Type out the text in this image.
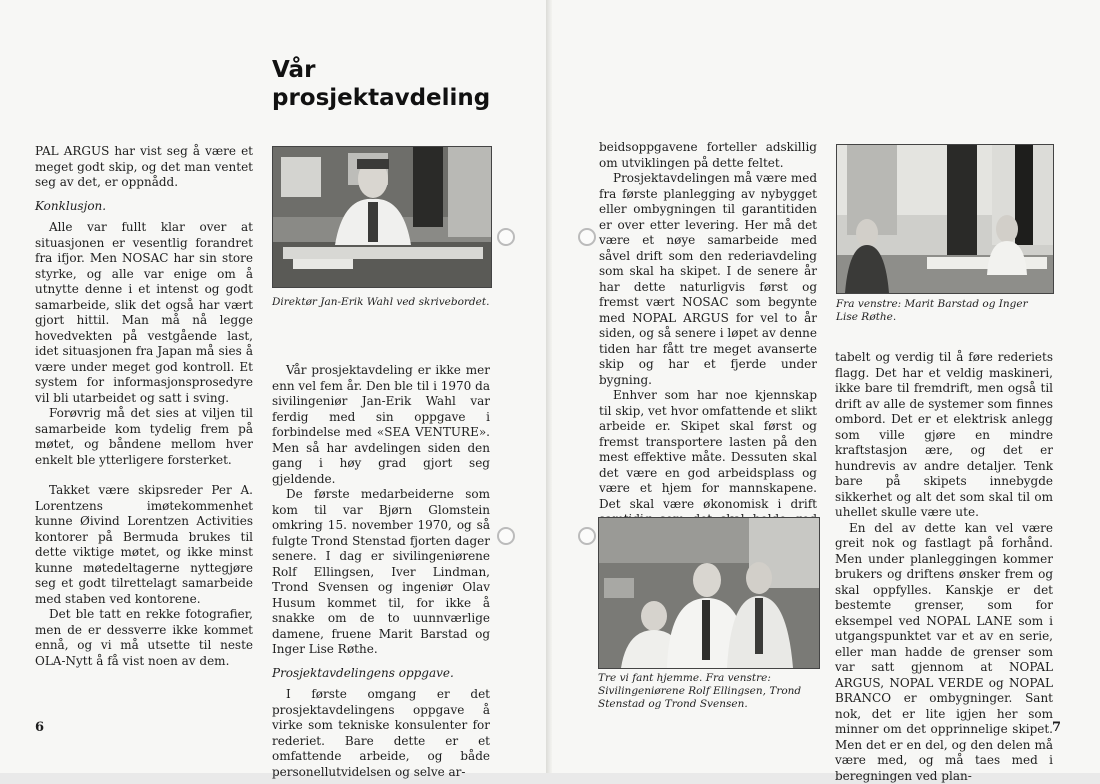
Vår
prosjektavdeling

PAL ARGUS har vist seg å være et meget godt skip, og det man ventet seg av det, er oppnådd.

Konklusjon.

Alle var fullt klar over at situasjonen er vesentlig forandret fra ifjor. Men NOSAC har sin store styrke, og alle var enige om å utnytte denne i et intenst og godt samarbeide, slik det også har vært gjort hittil. Man må nå legge hovedvekten på vestgående last, idet situasjonen fra Japan må sies å være under meget god kontroll. Et system for informasjonsprosedyre vil bli utarbeidet og satt i sving.

Forøvrig må det sies at viljen til samarbeide kom tydelig frem på møtet, og båndene mellom hver enkelt ble ytterligere forsterket.

Takket være skipsreder Per A. Lorentzens imøtekommenhet kunne Øivind Lorentzen Activities kontorer på Bermuda brukes til dette viktige møtet, og ikke minst kunne møtedeltagerne nyttegjøre seg et godt tilrettelagt samarbeide med staben ved kontorene.

Det ble tatt en rekke fotografier, men de er dessverre ikke kommet ennå, og vi må utsette til neste OLA-Nytt å få vist noen av dem.

Direktør Jan-Erik Wahl ved skrivebordet.

Vår prosjektavdeling er ikke mer enn vel fem år. Den ble til i 1970 da sivilingeniør Jan-Erik Wahl var ferdig med sin oppgave i forbindelse med «SEA VENTURE». Men så har avdelingen siden den gang i høy grad gjort seg gjeldende.

De første medarbeiderne som kom til var Bjørn Glomstein omkring 15. november 1970, og så fulgte Trond Stenstad fjorten dager senere. I dag er sivilingeniørene Rolf Ellingsen, Iver Lindman, Trond Svensen og ingeniør Olav Husum kommet til, for ikke å snakke om de to uunnværlige damene, fruene Marit Barstad og Inger Lise Røthe.

Prosjektavdelingens oppgave.

I første omgang er det prosjektavdelingens oppgave å virke som tekniske konsulenter for rederiet. Bare dette er et omfattende arbeide, og både personellutvidelsen og selve ar-

6

beidsoppgavene forteller adskillig om utviklingen på dette feltet.

Prosjektavdelingen må være med fra første planlegging av nybygget eller ombygningen til garantitiden er over etter levering. Her må det være et nøye samarbeide med såvel drift som den rederiavdeling som skal ha skipet. I de senere år har dette naturligvis først og fremst vært NOSAC som begynte med NOPAL ARGUS for vel to år siden, og så senere i løpet av denne tiden har fått tre meget avanserte skip og har et fjerde under bygning.

Enhver som har noe kjennskap til skip, vet hvor omfattende et slikt arbeide er. Skipet skal først og fremst transportere lasten på den mest effektive måte. Dessuten skal det være en god arbeidsplass og være et hjem for mannskapene. Det skal være økonomisk i drift

Tre vi fant hjemme. Fra venstre: Sivilingeniørene Rolf Ellingsen, Trond Stenstad og Trond Svensen.
Fra venstre: Marit Barstad og Inger Lise Røthe.

tabelt og verdig til å føre rederiets flagg. Det har et veldig maskineri, ikke bare til fremdrift, men også til drift av alle de systemer som finnes ombord. Det er et elektrisk anlegg som ville gjøre en mindre kraftstasjon ære, og det er hundrevis av andre detaljer. Tenk bare på skipets innebygde sikkerhet og alt det som skal til om uhellet skulle være ute.

En del av dette kan vel være greit nok og fastlagt på forhånd. Men under planleggingen kommer brukers og driftens ønsker frem og skal oppfylles. Kanskje er det bestemte grenser, som for eksempel ved NOPAL LANE som i utgangspunktet var et av en serie, eller man hadde de grenser som var satt gjennom at NOPAL ARGUS, NOPAL VERDE og NOPAL BRANCO er ombygninger. Sant nok, det er lite igjen her som minner om det opprinnelige skipet. Men det er en del, og den delen må være med, og må taes med i beregningen ved plan-

7
